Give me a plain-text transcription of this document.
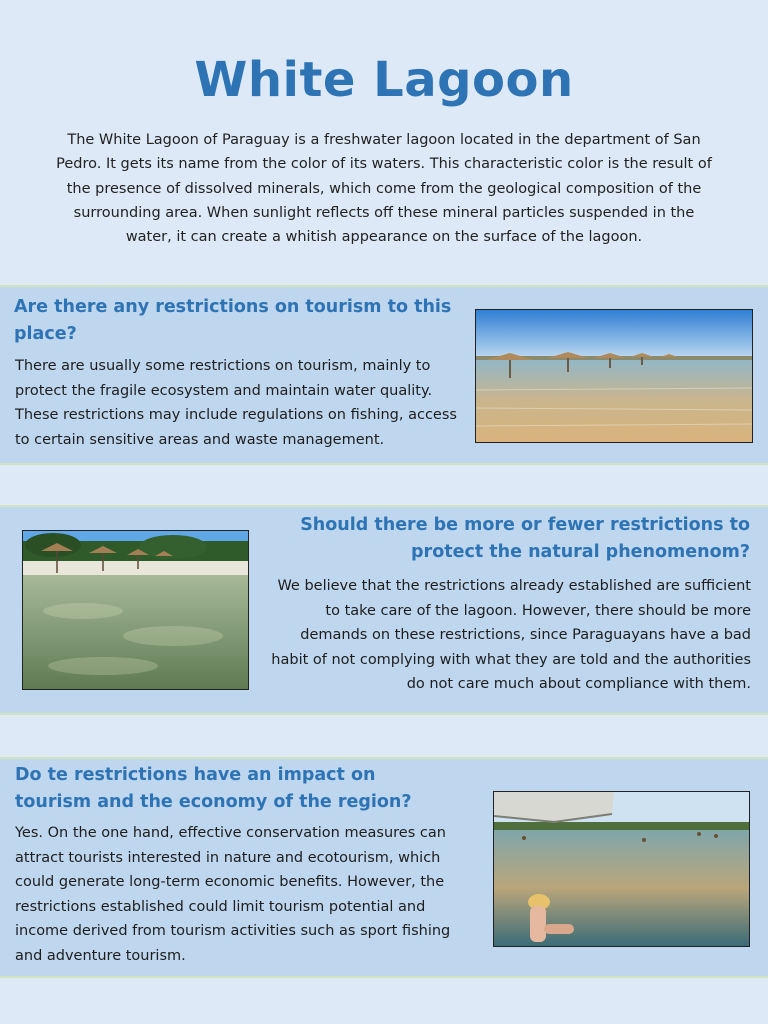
White Lagoon

The White Lagoon of Paraguay is a freshwater lagoon located in the department of San Pedro. It gets its name from the color of its waters. This characteristic color is the result of the presence of dissolved minerals, which come from the geological composition of the surrounding area. When sunlight reflects off these mineral particles suspended in the water, it can create a whitish appearance on the surface of the lagoon.

Are there any restrictions on tourism to this place?

There are usually some restrictions on tourism, mainly to protect the fragile ecosystem and maintain water quality. These restrictions may include regulations on fishing, access to certain sensitive areas and waste management.

Should there be more or fewer restrictions to protect the natural phenomenom?

We believe that the restrictions already established are sufficient to take care of the lagoon. However, there should be more demands on these restrictions, since Paraguayans have a bad habit of not complying with what they are told and the authorities do not care much about compliance with them.

Do te restrictions have an impact on tourism and the economy of the region?

Yes. On the one hand, effective conservation measures can attract tourists interested in nature and ecotourism, which could generate long-term economic benefits. However, the restrictions established could limit tourism potential and income derived from tourism activities such as sport fishing and adventure tourism.
